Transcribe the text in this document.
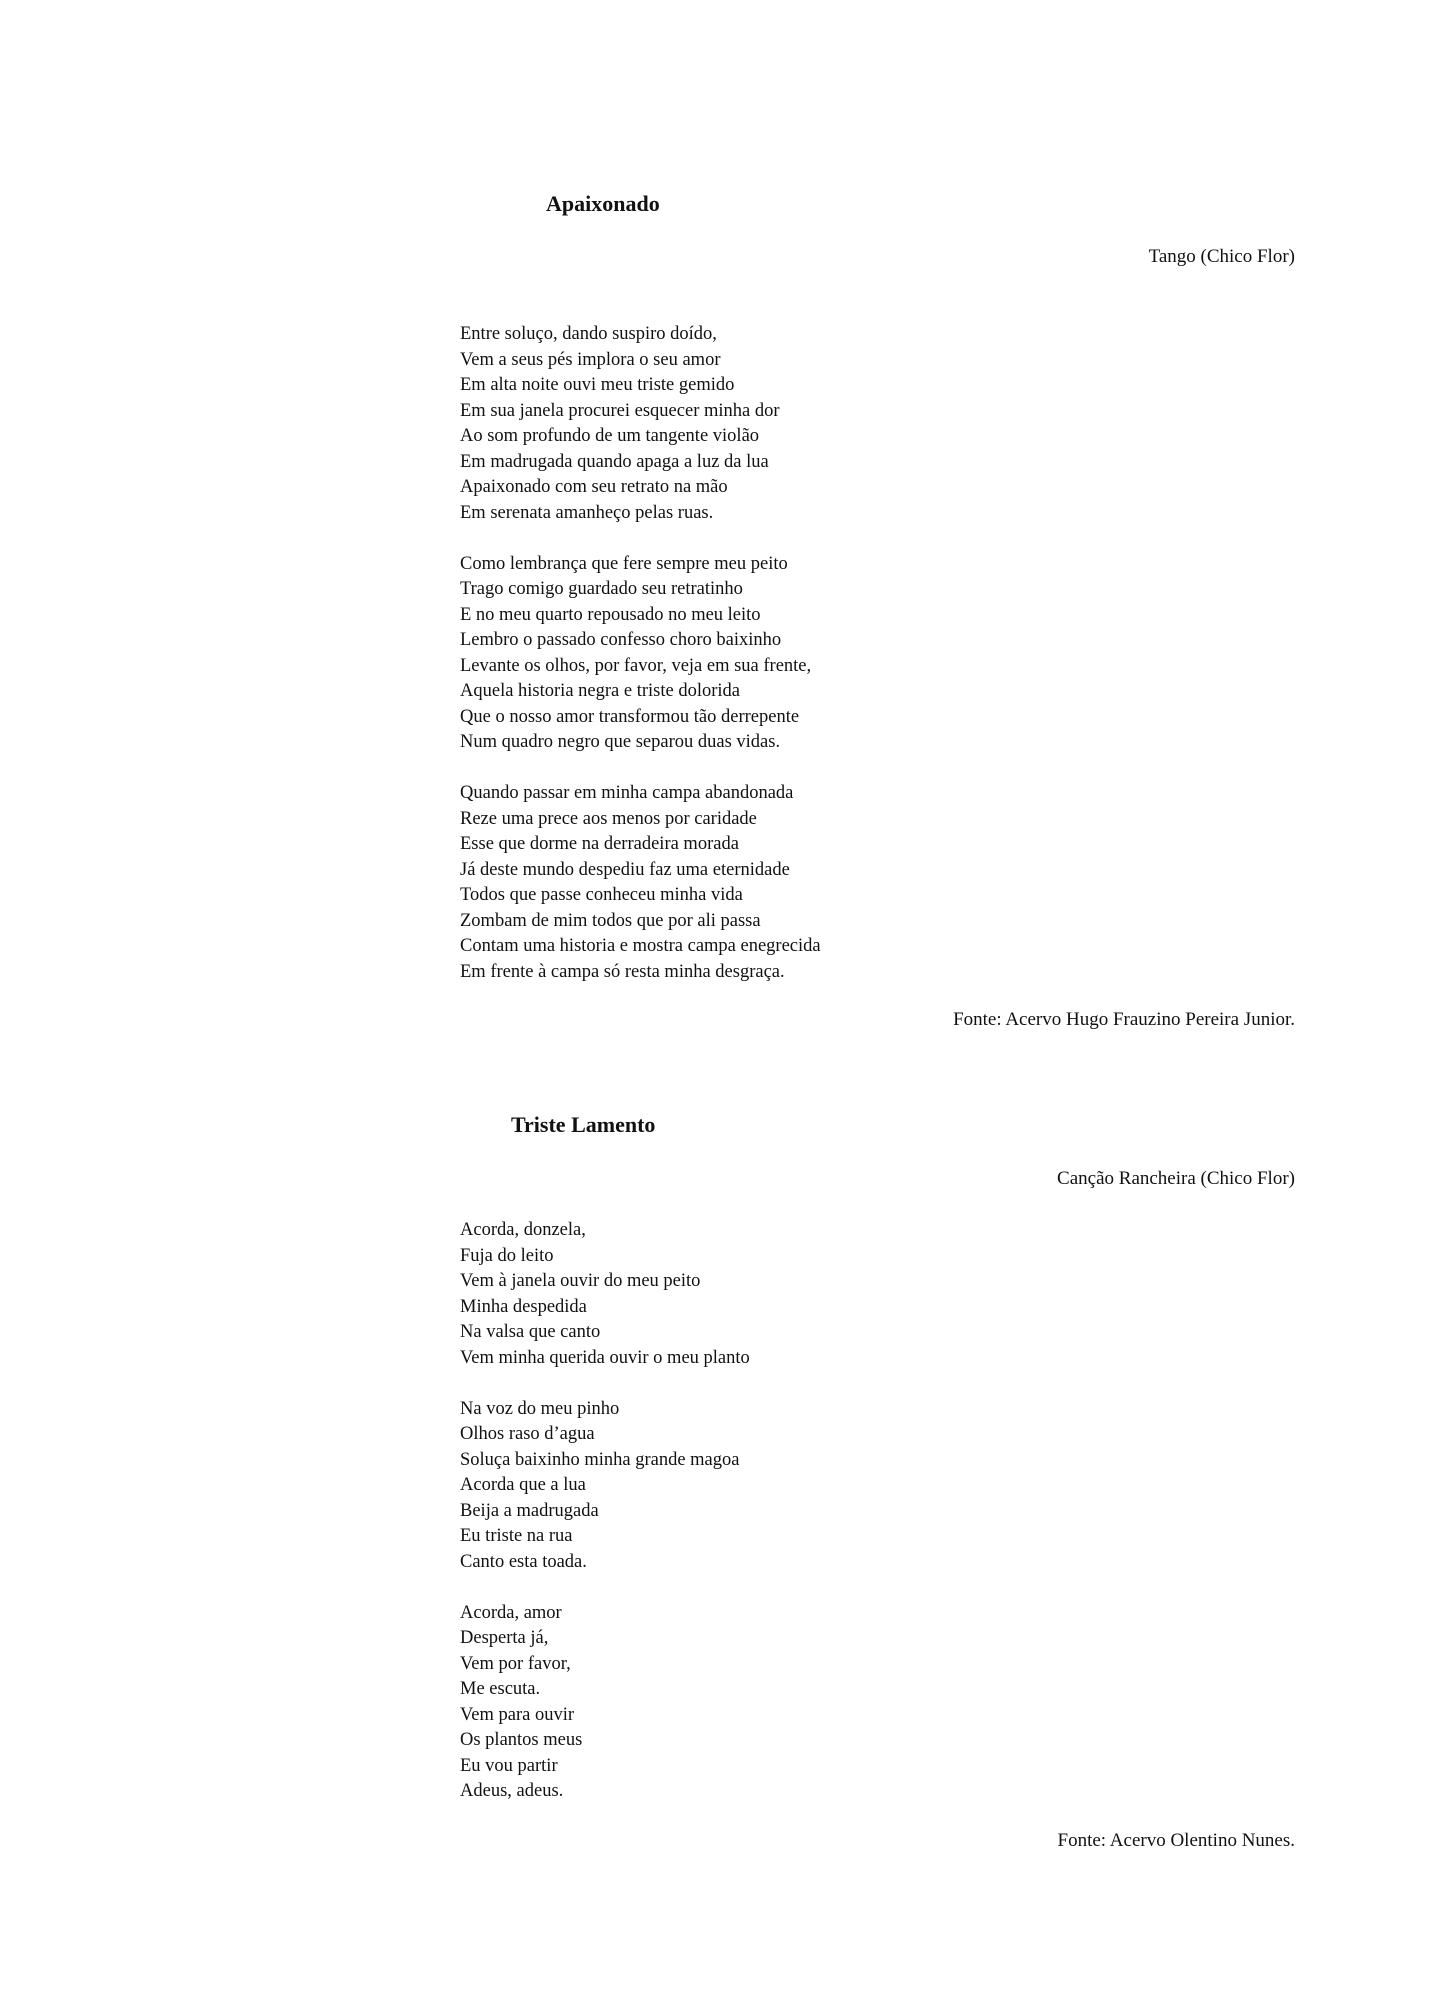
Apaixonado
Tango (Chico Flor)
Entre soluço, dando suspiro doído,
Vem a seus pés implora o seu amor
Em alta noite ouvi meu triste gemido
Em sua janela procurei esquecer minha dor
Ao som profundo de um tangente violão
Em madrugada quando apaga a luz da lua
Apaixonado com seu retrato na mão
Em serenata amanheço pelas ruas.
Como lembrança que fere sempre meu peito
Trago comigo guardado seu retratinho
E no meu quarto repousado no meu leito
Lembro o passado confesso choro baixinho
Levante os olhos, por favor, veja em sua frente,
Aquela historia negra e triste dolorida
Que o nosso amor transformou tão derrepente
Num quadro negro que separou duas vidas.
Quando passar em minha campa abandonada
Reze uma prece aos menos por caridade
Esse que dorme na derradeira morada
Já deste mundo despediu faz uma eternidade
Todos que passe conheceu minha vida
Zombam de mim todos que por ali passa
Contam uma historia e mostra campa enegrecida
Em frente à campa só resta minha desgraça.
Fonte: Acervo Hugo Frauzino Pereira Junior.
Triste Lamento
Canção Rancheira (Chico Flor)
Acorda, donzela,
Fuja do leito
Vem à janela ouvir do meu peito
Minha despedida
Na valsa que canto
Vem minha querida ouvir o meu planto
Na voz do meu pinho
Olhos raso d’agua
Soluça baixinho minha grande magoa
Acorda que a lua
Beija a madrugada
Eu triste na rua
Canto esta toada.
Acorda, amor
Desperta já,
Vem por favor,
Me escuta.
Vem para ouvir
Os plantos meus
Eu vou partir
Adeus, adeus.
Fonte: Acervo Olentino Nunes.
